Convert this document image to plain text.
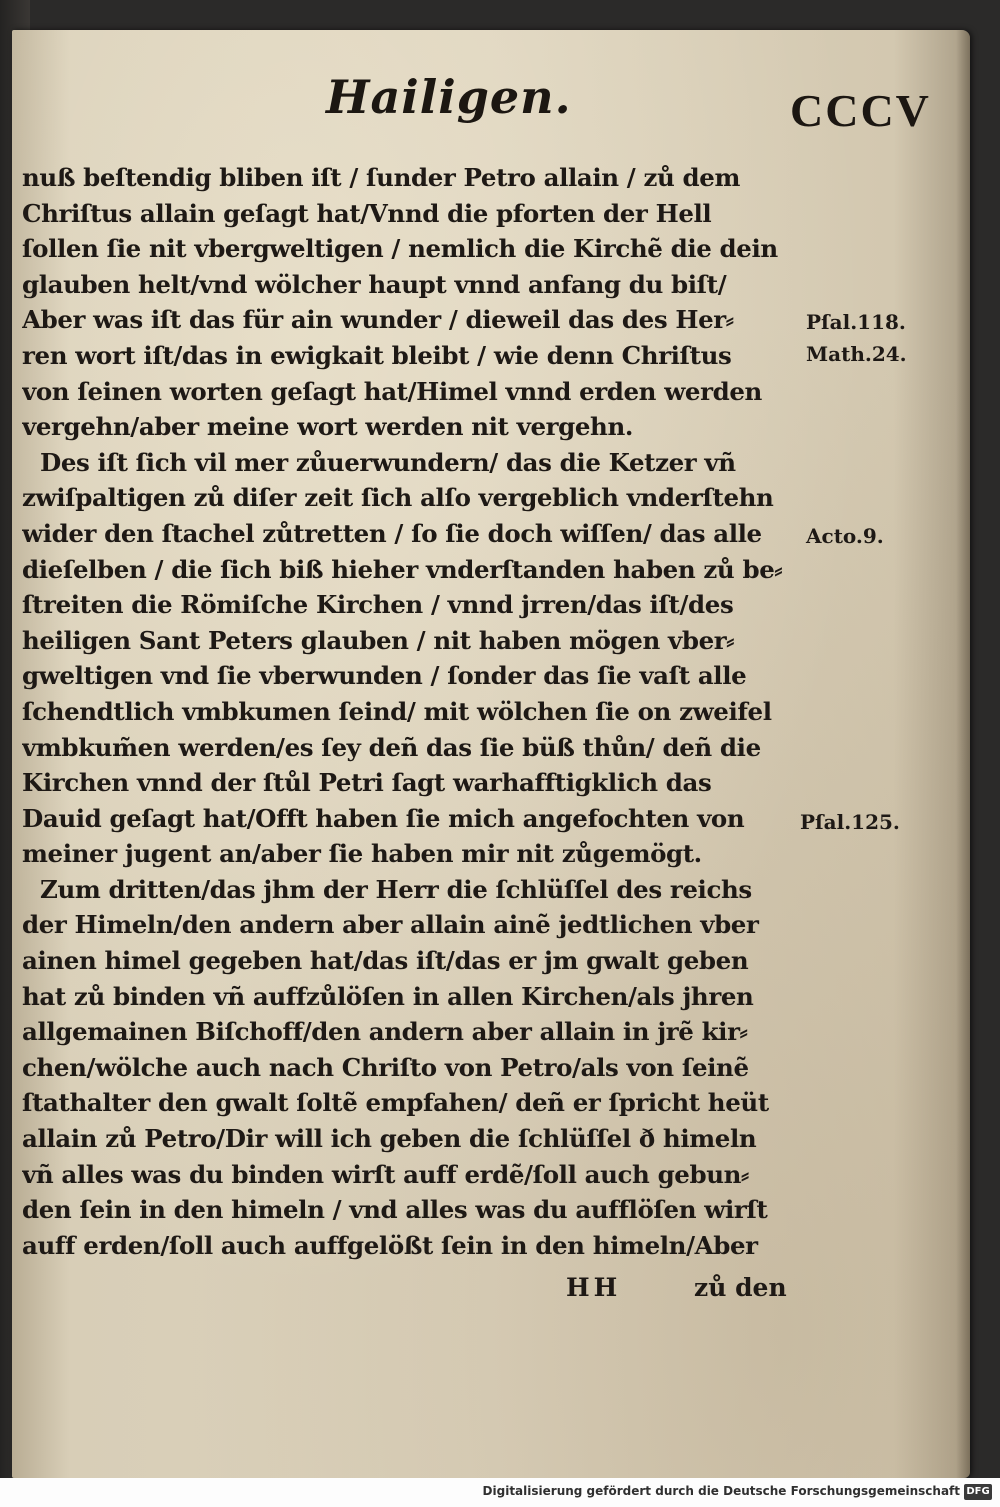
Hailigen.	CCCV
nuß beſtendig bliben iſt / ſunder Petro allain / zů dem
Chriſtus allain geſagt hat/Vnnd die pforten der Hell
ſollen ſie nit vbergweltigen / nemlich die Kirchẽ die dein
glauben helt/vnd wölcher haupt vnnd anfang du biſt/
Aber was iſt das für ain wunder / dieweil das des Her⸗
ren wort iſt/das in ewigkait bleibt / wie denn Chriſtus
von ſeinen worten geſagt hat/Himel vnnd erden werden
vergehn/aber meine wort werden nit vergehn.
Des iſt ſich vil mer zůuerwundern/ das die Ketzer vñ
zwiſpaltigen zů diſer zeit ſich alſo vergeblich vnderſtehn
wider den ſtachel zůtretten / ſo ſie doch wiſſen/ das alle
dieſelben / die ſich biß hieher vnderſtanden haben zů be⸗
ſtreiten die Römiſche Kirchen / vnnd jrren/das iſt/des
heiligen Sant Peters glauben / nit haben mögen vber⸗
gweltigen vnd ſie vberwunden / ſonder das ſie vaſt alle
ſchendtlich vmbkumen ſeind/ mit wölchen ſie on zweifel
vmbkum̃en werden/es ſey deñ das ſie büß thůn/ deñ die
Kirchen vnnd der ſtůl Petri ſagt warhafftigklich das
Dauid geſagt hat/Offt haben ſie mich angefochten von
meiner jugent an/aber ſie haben mir nit zůgemögt.
Zum dritten/das jhm der Herr die ſchlüſſel des reichs
der Himeln/den andern aber allain ainẽ jedtlichen vber
ainen himel gegeben hat/das iſt/das er jm gwalt geben
hat zů binden vñ auffzůlöſen in allen Kirchen/als jhren
allgemainen Biſchoff/den andern aber allain in jrẽ kir⸗
chen/wölche auch nach Chriſto von Petro/als von ſeinẽ
ſtathalter den gwalt ſoltẽ empfahen/ deñ er ſpricht heüt
allain zů Petro/Dir will ich geben die ſchlüſſel ð himeln
vñ alles was du binden wirſt auff erdẽ/ſoll auch gebun⸗
den ſein in den himeln / vnd alles was du aufflöſen wirſt
auff erden/ſoll auch auffgelößt ſein in den himeln/Aber
Pſal.118.
Math.24.
Acto.9.
Pſal.125.
HH	zů den
Digitalisierung gefördert durch die Deutsche Forschungsgemeinschaft DFG
